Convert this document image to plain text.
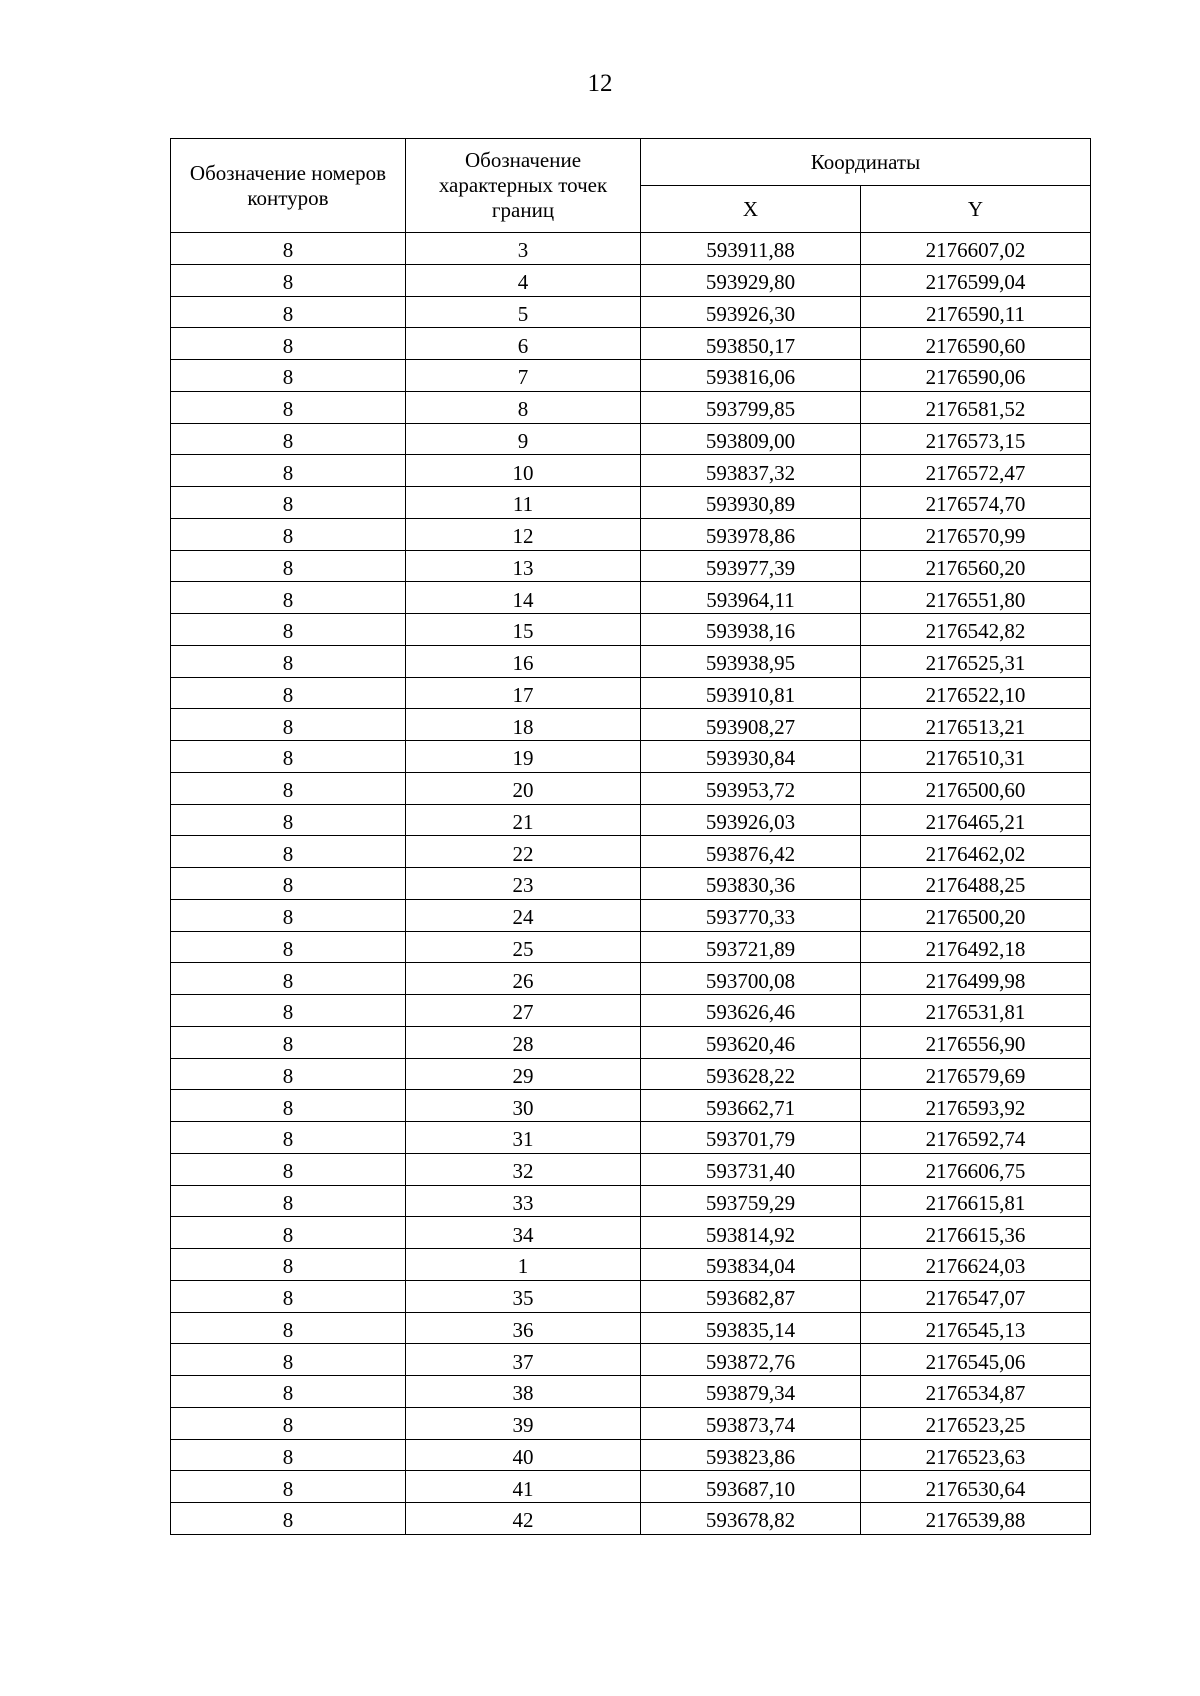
12
Обозначение номеров контуров	Обозначение характерных точек границ	Координаты	
		X	Y
8	3	593911,88	2176607,02
8	4	593929,80	2176599,04
8	5	593926,30	2176590,11
8	6	593850,17	2176590,60
8	7	593816,06	2176590,06
8	8	593799,85	2176581,52
8	9	593809,00	2176573,15
8	10	593837,32	2176572,47
8	11	593930,89	2176574,70
8	12	593978,86	2176570,99
8	13	593977,39	2176560,20
8	14	593964,11	2176551,80
8	15	593938,16	2176542,82
8	16	593938,95	2176525,31
8	17	593910,81	2176522,10
8	18	593908,27	2176513,21
8	19	593930,84	2176510,31
8	20	593953,72	2176500,60
8	21	593926,03	2176465,21
8	22	593876,42	2176462,02
8	23	593830,36	2176488,25
8	24	593770,33	2176500,20
8	25	593721,89	2176492,18
8	26	593700,08	2176499,98
8	27	593626,46	2176531,81
8	28	593620,46	2176556,90
8	29	593628,22	2176579,69
8	30	593662,71	2176593,92
8	31	593701,79	2176592,74
8	32	593731,40	2176606,75
8	33	593759,29	2176615,81
8	34	593814,92	2176615,36
8	1	593834,04	2176624,03
8	35	593682,87	2176547,07
8	36	593835,14	2176545,13
8	37	593872,76	2176545,06
8	38	593879,34	2176534,87
8	39	593873,74	2176523,25
8	40	593823,86	2176523,63
8	41	593687,10	2176530,64
8	42	593678,82	2176539,88
